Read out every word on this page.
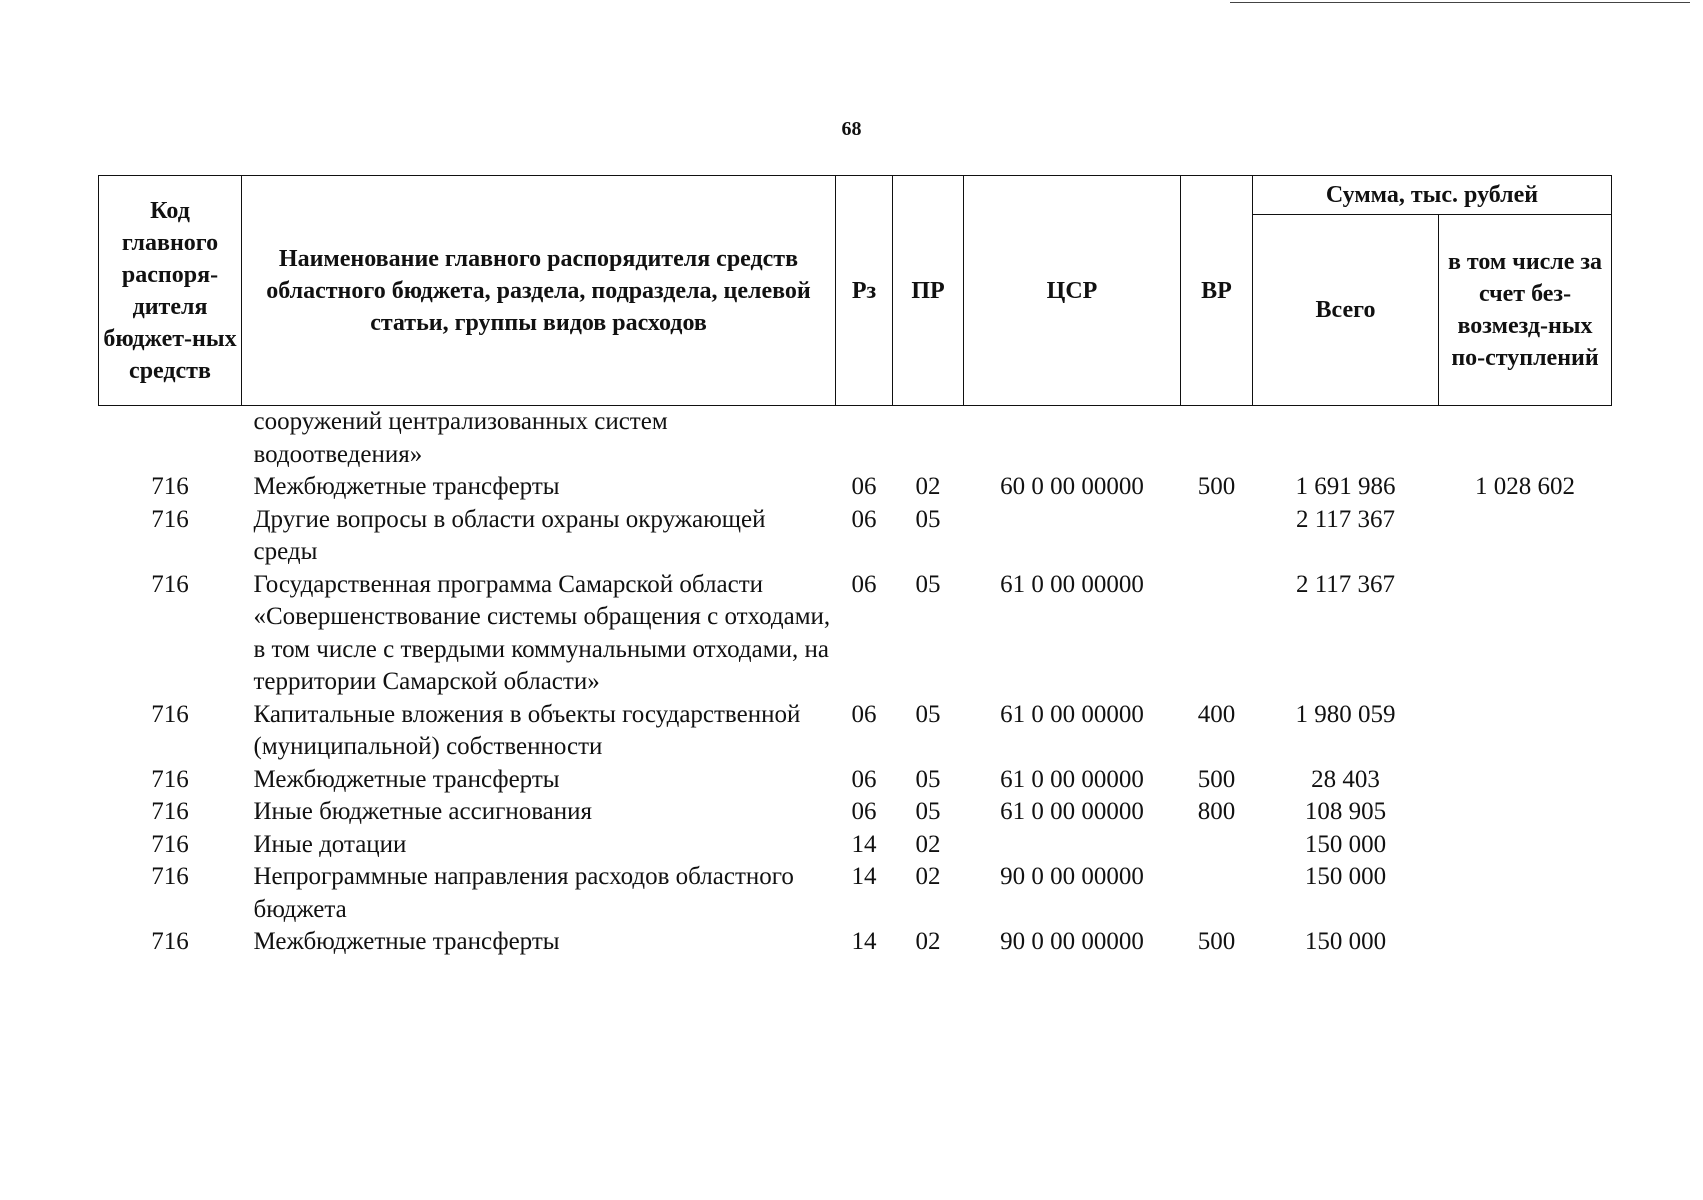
68
Код главного распоря-дителя бюджет-ных средств	Наименование главного распорядителя средств областного бюджета, раздела, подраздела, целевой статьи, группы видов расходов	Рз	ПР	ЦСР	ВР	Сумма, тыс. рублей	
						Всего	в том числе за счет без-возмезд-ных по-ступлений
	сооружений централизованных систем водоотведения»						
716	Межбюджетные трансферты	06	02	60 0 00 00000	500	1 691 986	1 028 602
716	Другие вопросы в области охраны окружающей среды	06	05			2 117 367	
716	Государственная программа Самарской области «Совершенствование системы обращения с отходами, в том числе с твердыми коммунальными отходами, на территории Самарской области»	06	05	61 0 00 00000		2 117 367	
716	Капитальные вложения в объекты государственной (муниципальной) собственности	06	05	61 0 00 00000	400	1 980 059	
716	Межбюджетные трансферты	06	05	61 0 00 00000	500	28 403	
716	Иные бюджетные ассигнования	06	05	61 0 00 00000	800	108 905	
716	Иные дотации	14	02			150 000	
716	Непрограммные направления расходов областного бюджета	14	02	90 0 00 00000		150 000	
716	Межбюджетные трансферты	14	02	90 0 00 00000	500	150 000	
